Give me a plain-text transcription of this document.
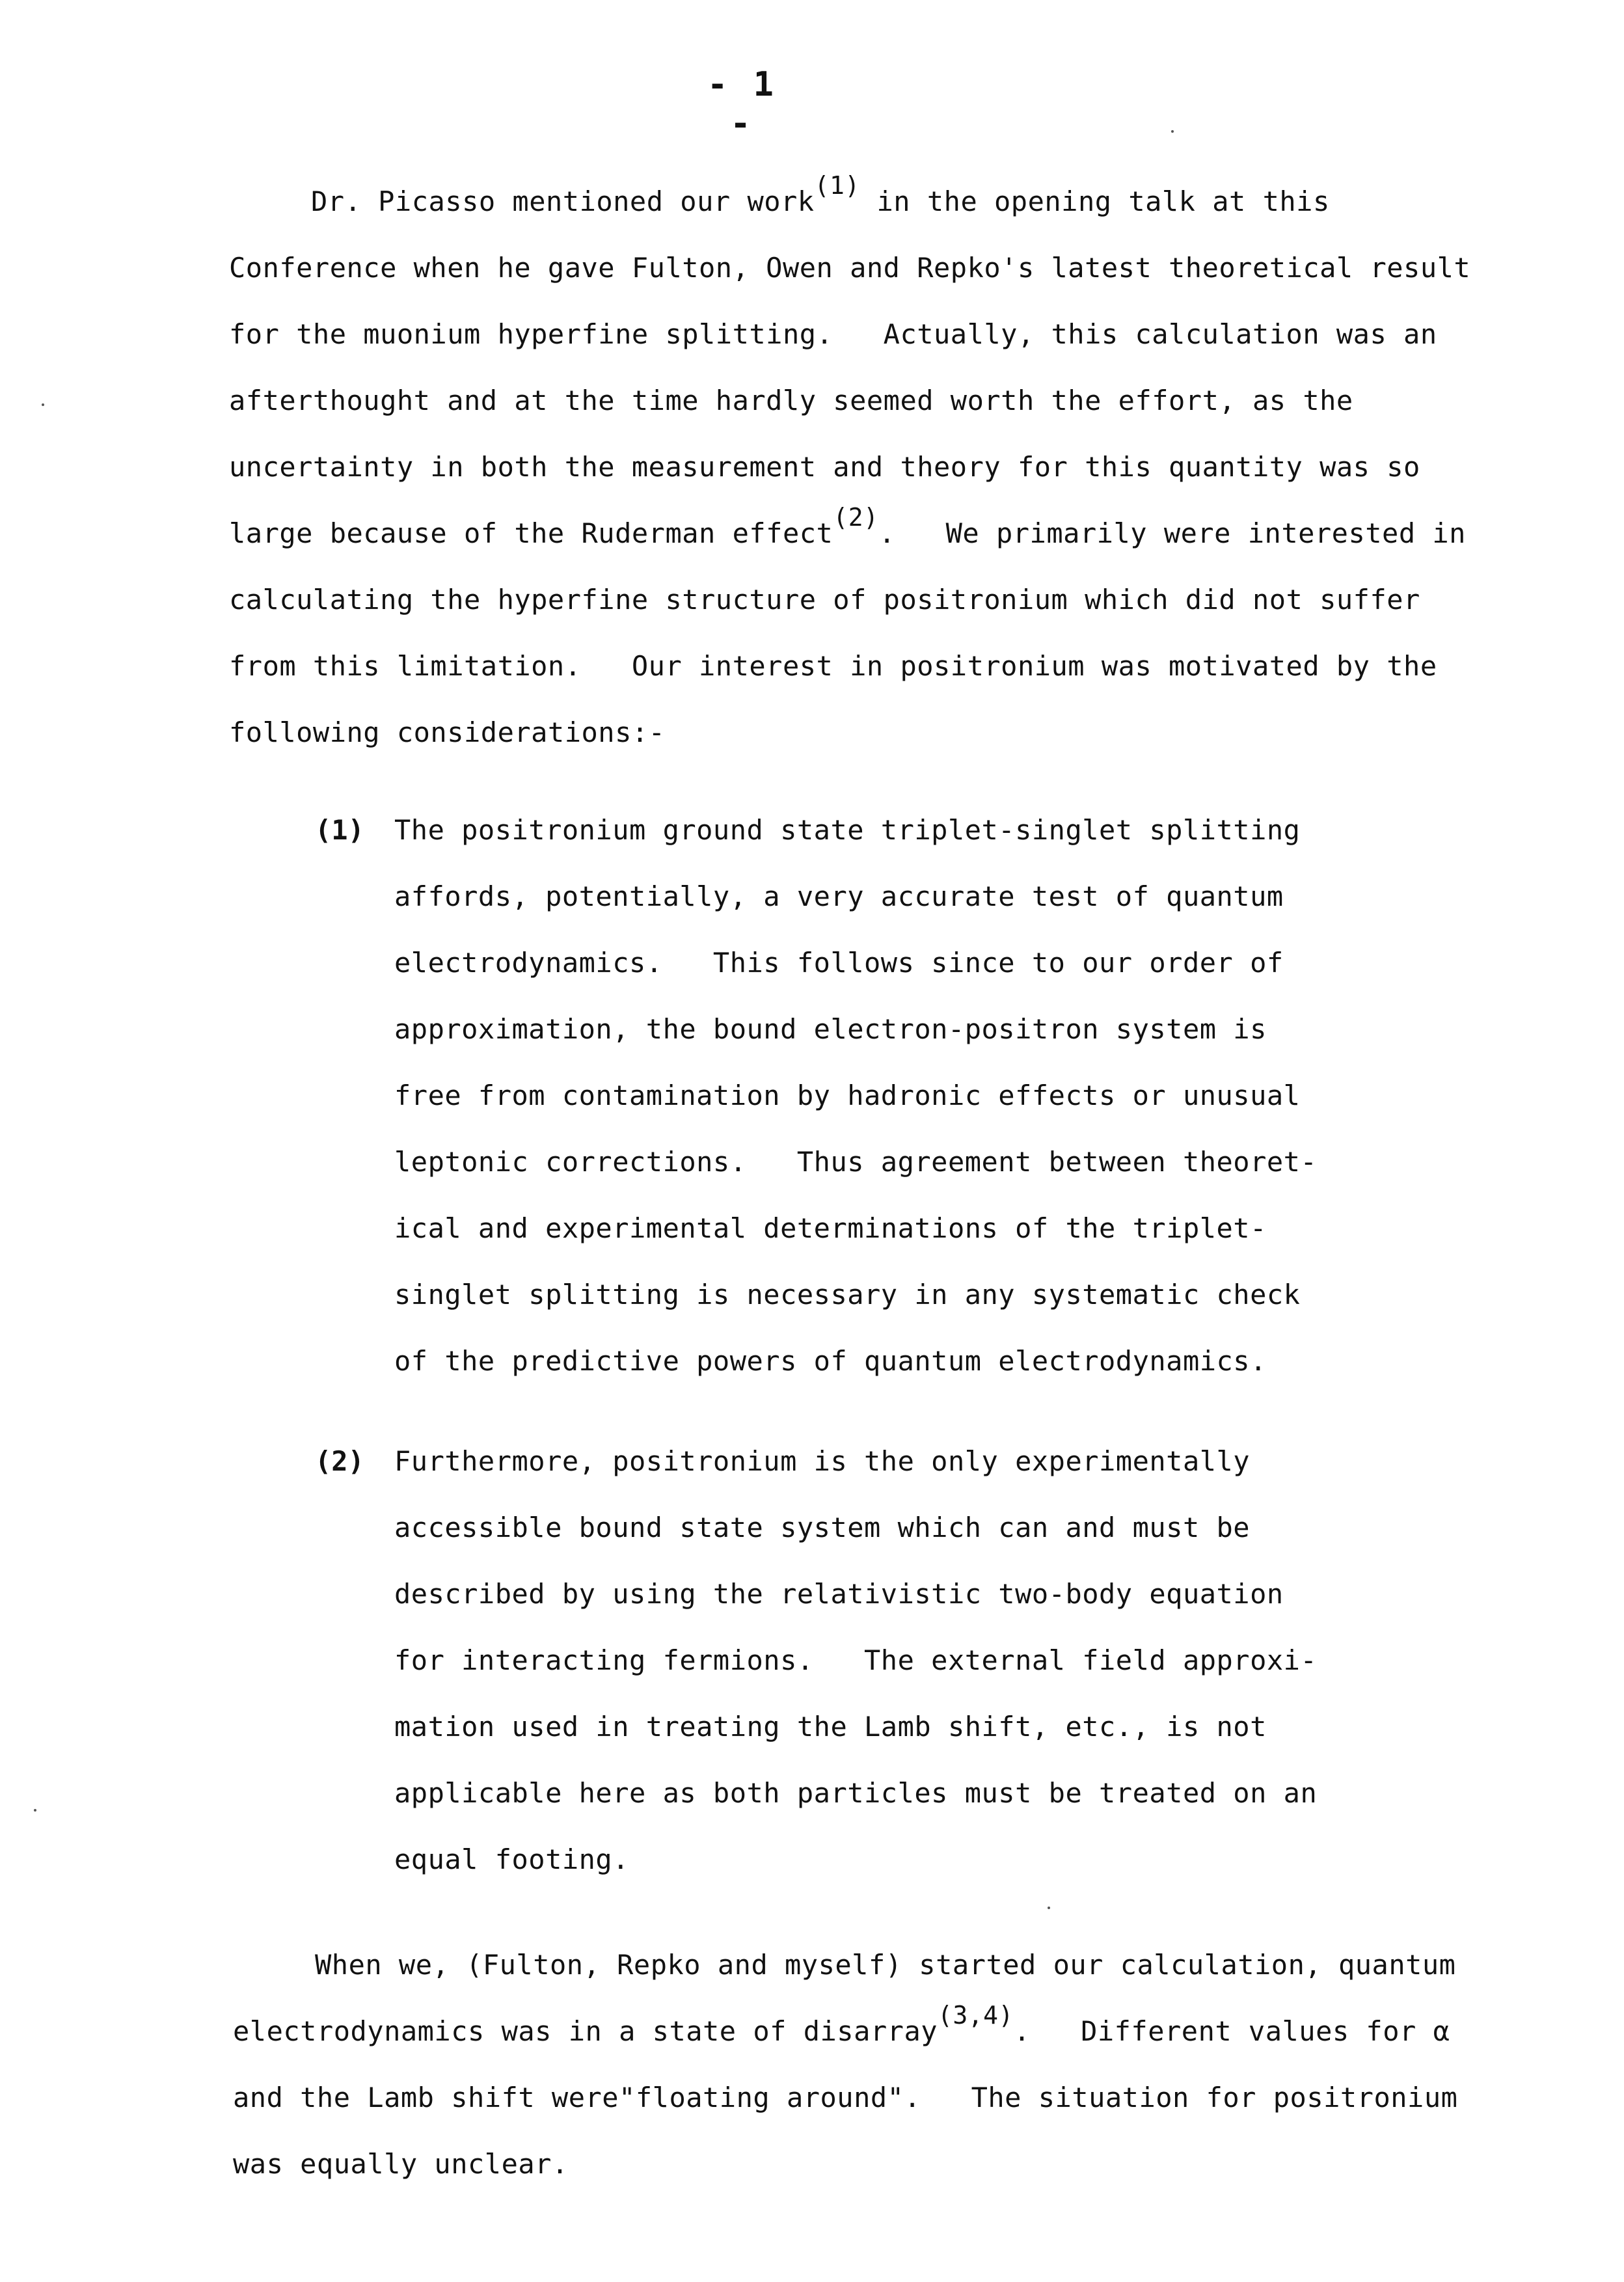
- 1 -
Dr. Picasso mentioned our work(1) in the opening talk at this
Conference when he gave Fulton, Owen and Repko's latest theoretical result
for the muonium hyperfine splitting.   Actually, this calculation was an
afterthought and at the time hardly seemed worth the effort, as the
uncertainty in both the measurement and theory for this quantity was so
large because of the Ruderman effect(2).   We primarily were interested in
calculating the hyperfine structure of positronium which did not suffer
from this limitation.   Our interest in positronium was motivated by the
following considerations:-
(1) The positronium ground state triplet-singlet splitting
affords, potentially, a very accurate test of quantum
electrodynamics.   This follows since to our order of
approximation, the bound electron-positron system is
free from contamination by hadronic effects or unusual
leptonic corrections.   Thus agreement between theoret-
ical and experimental determinations of the triplet-
singlet splitting is necessary in any systematic check
of the predictive powers of quantum electrodynamics.
(2) Furthermore, positronium is the only experimentally
accessible bound state system which can and must be
described by using the relativistic two-body equation
for interacting fermions.   The external field approxi-
mation used in treating the Lamb shift, etc., is not
applicable here as both particles must be treated on an
equal footing.
When we, (Fulton, Repko and myself) started our calculation, quantum
electrodynamics was in a state of disarray(3,4).   Different values for α
and the Lamb shift were"floating around".   The situation for positronium
was equally unclear.
